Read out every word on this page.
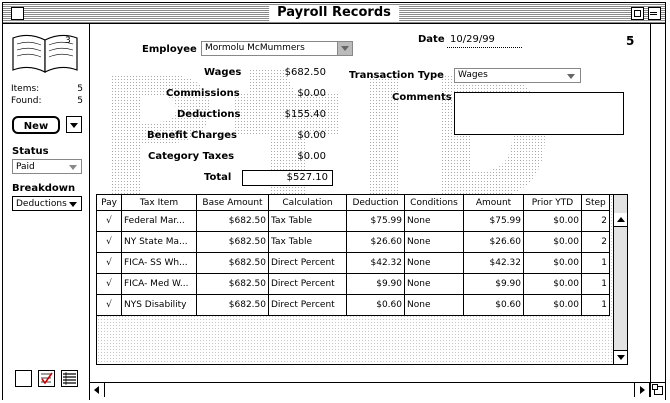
Payroll Records
3
Items:	5
Found:	5
New
Status
Paid
Breakdown
Deductions
Employee Mormolu McMummers
Date 10/29/99	5
Wages	$682.50
Commissions	$0.00
Deductions	$155.40
Benefit Charges	$0.00
Category Taxes	$0.00
Total	$527.10
Transaction Type	Wages
Comments
Pay	Tax Item	Base Amount	Calculation	Deduction	Conditions	Amount	Prior YTD	Step
√	Federal Mar...	$682.50	Tax Table	$75.99	None	$75.99	$0.00	2
√	NY State Ma...	$682.50	Tax Table	$26.60	None	$26.60	$0.00	2
√	FICA- SS Wh...	$682.50	Direct Percent	$42.32	None	$42.32	$0.00	1
√	FICA- Med W...	$682.50	Direct Percent	$9.90	None	$9.90	$0.00	1
√	NYS Disability	$682.50	Direct Percent	$0.60	None	$0.60	$0.00	1
